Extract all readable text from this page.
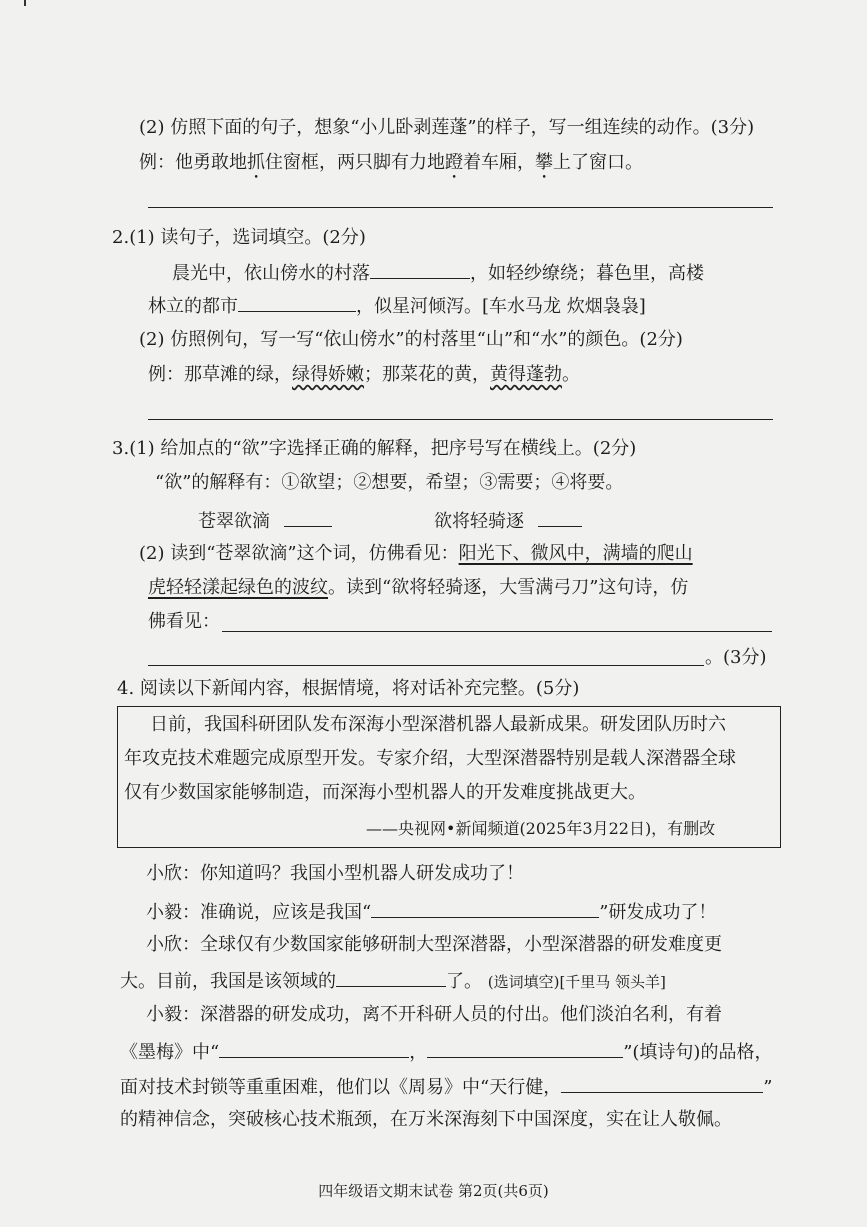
(2) 仿照下面的句子，想象“小儿卧剥莲蓬”的样子，写一组连续的动作。(3分)
例：他勇敢地抓住窗框，两只脚有力地蹬着车厢，攀上了窗口。
2.(1) 读句子，选词填空。(2分)
晨光中，依山傍水的村落	，如轻纱缭绕；暮色里，高楼
林立的都市	，似星河倾泻。[车水马龙 炊烟袅袅]
(2) 仿照例句，写一写“依山傍水”的村落里“山”和“水”的颜色。(2分)
例：那草滩的绿，绿得娇嫩；那菜花的黄，黄得蓬勃。
3.(1) 给加点的“欲”字选择正确的解释，把序号写在横线上。(2分)
“欲”的解释有：①欲望；②想要，希望；③需要；④将要。
苍翠欲滴	欲将轻骑逐
(2) 读到“苍翠欲滴”这个词，仿佛看见：阳光下、微风中，满墙的爬山
虎轻轻漾起绿色的波纹。读到“欲将轻骑逐，大雪满弓刀”这句诗，仿
佛看见：
。(3分)
4. 阅读以下新闻内容，根据情境，将对话补充完整。(5分)
日前，我国科研团队发布深海小型深潜机器人最新成果。研发团队历时六
年攻克技术难题完成原型开发。专家介绍，大型深潜器特别是载人深潜器全球
仅有少数国家能够制造，而深海小型机器人的开发难度挑战更大。
——央视网•新闻频道(2025年3月22日)，有删改
小欣：你知道吗？我国小型机器人研发成功了！
小毅：准确说，应该是我国“	”研发成功了！
小欣：全球仅有少数国家能够研制大型深潜器，小型深潜器的研发难度更
大。目前，我国是该领域的	了。 (选词填空)[千里马 领头羊]
小毅：深潜器的研发成功，离不开科研人员的付出。他们淡泊名利，有着
《墨梅》中“	，	”(填诗句)的品格，
面对技术封锁等重重困难，他们以《周易》中“天行健，	”
的精神信念，突破核心技术瓶颈，在万米深海刻下中国深度，实在让人敬佩。
四年级语文期末试卷 第2页(共6页)
